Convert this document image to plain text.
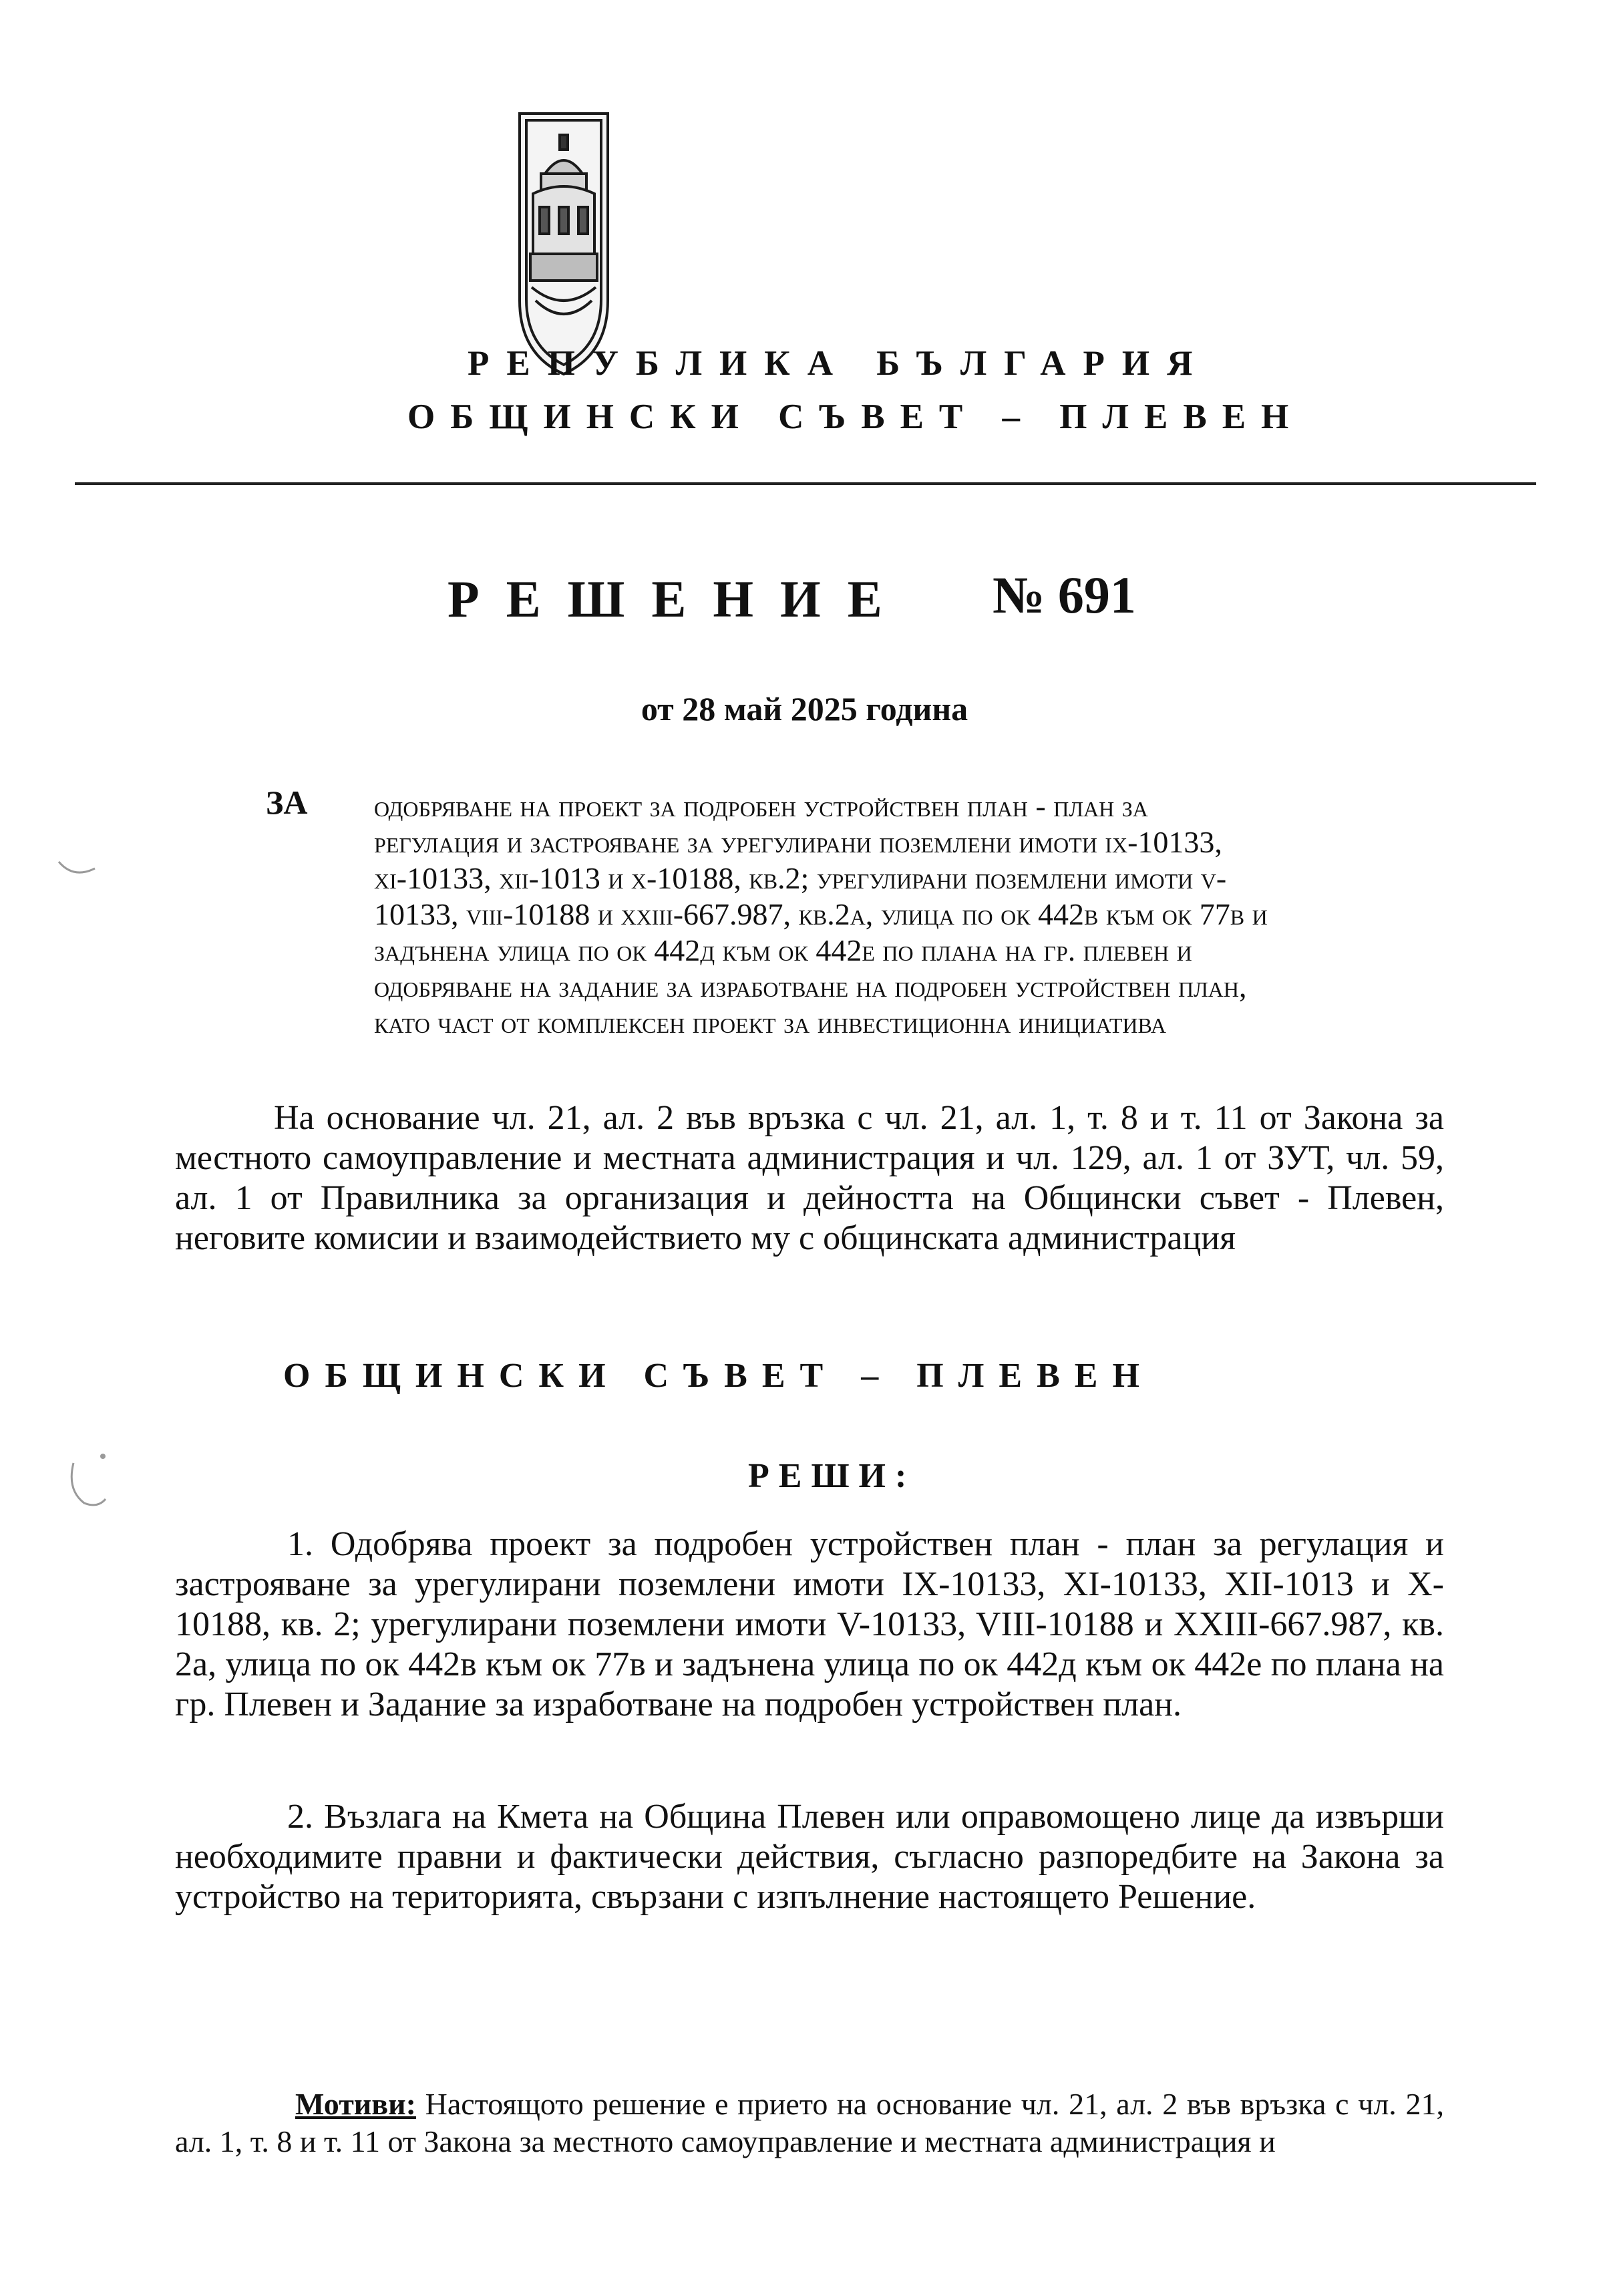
РЕПУБЛИКА БЪЛГАРИЯ
ОБЩИНСКИ СЪВЕТ – ПЛЕВЕН
РЕШЕНИЕ № 691
от 28 май 2025 година
ЗА одобряване на проект за подробен устройствен план - план за
регулация и застрояване за урегулирани поземлени имоти ix-10133,
xi-10133, xii-1013 и x-10188, кв.2; урегулирани поземлени имоти v-
10133, viii-10188 и xxiii-667.987, кв.2а, улица по ок 442в към ок 77в и
задънена улица по ок 442д към ок 442е по плана на гр. плевен и
одобряване на задание за изработване на подробен устройствен план,
като част от комплексен проект за инвестиционна инициатива
На основание чл. 21, ал. 2 във връзка с чл. 21, ал. 1, т. 8 и т. 11 от Закона за местното самоуправление и местната администрация и чл. 129, ал. 1 от ЗУТ, чл. 59, ал. 1 от Правилника за организация и дейността на Общински съвет - Плевен, неговите комисии и взаимодействието му с общинската администрация
ОБЩИНСКИ СЪВЕТ – ПЛЕВЕН
РЕШИ:
1. Одобрява проект за подробен устройствен план - план за регулация и застрояване за урегулирани поземлени имоти IX-10133, XI-10133, XII-1013 и X-10188, кв. 2; урегулирани поземлени имоти V-10133, VIII-10188 и XXIII-667.987, кв. 2а, улица по ок 442в към ок 77в и задънена улица по ок 442д към ок 442е по плана на гр. Плевен и Задание за изработване на подробен устройствен план.
2. Възлага на Кмета на Община Плевен или оправомощено лице да извърши необходимите правни и фактически действия, съгласно разпоредбите на Закона за устройство на територията, свързани с изпълнение настоящето Решение.
Мотиви: Настоящото решение е прието на основание чл. 21, ал. 2 във връзка с чл. 21, ал. 1, т. 8 и т. 11 от Закона за местното самоуправление и местната администрация и
